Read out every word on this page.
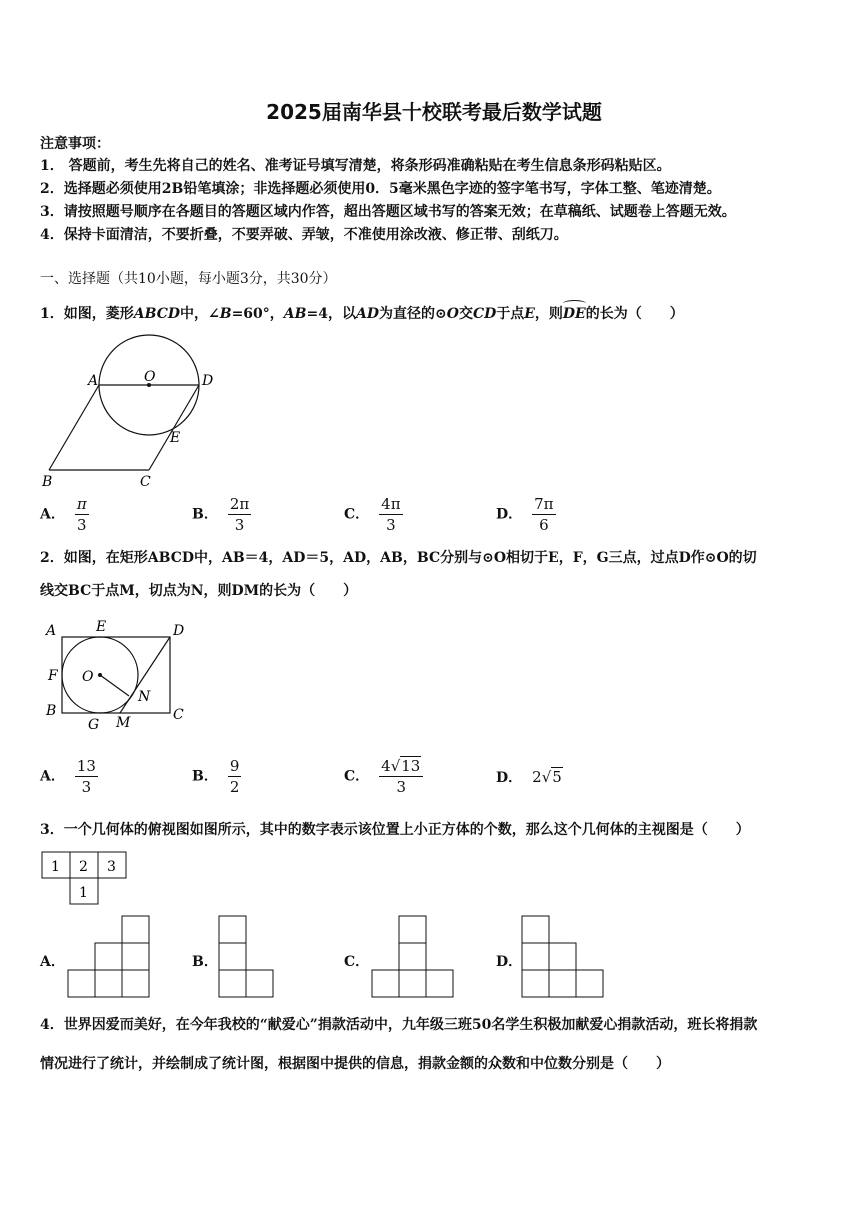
2025届南华县十校联考最后数学试题
注意事项：
1． 答题前，考生先将自己的姓名、准考证号填写清楚，将条形码准确粘贴在考生信息条形码粘贴区。
2．选择题必须使用2B铅笔填涂；非选择题必须使用0．5毫米黑色字迹的签字笔书写，字体工整、笔迹清楚。
3．请按照题号顺序在各题目的答题区域内作答，超出答题区域书写的答案无效；在草稿纸、试题卷上答题无效。
4．保持卡面清洁，不要折叠，不要弄破、弄皱，不准使用涂改液、修正带、刮纸刀。
一、选择题（共10小题，每小题3分，共30分）
1．如图，菱形ABCD中，∠B=60°，AB=4，以AD为直径的⊙O交CD于点E，则
DE的长为（　　）
A	O	D
E
B	C
A． $\frac{\pi}{3}$	B． $\frac{2\pi}{3}$	C． $\frac{4\pi}{3}$	D． $\frac{7\pi}{6}$
2．如图，在矩形ABCD中，AB＝4，AD＝5，AD，AB，BC分别与⊙O相切于E，F，G三点，过点D作⊙O的切
线交BC于点M，切点为N，则DM的长为（　　）
A	E	D
F O
N
B
G M	C
A． $\frac{13}{3}$	B． $\frac{9}{2}$	C． $\frac{4√13}{3}$	D． 2√5
3．一个几何体的俯视图如图所示，其中的数字表示该位置上小正方体的个数，那么这个几何体的主视图是（　　）
1 2 3
1
A．	B．	C．	D．
4．世界因爱而美好，在今年我校的“献爱心”捐款活动中，九年级三班50名学生积极加献爱心捐款活动，班长将捐款
情况进行了统计，并绘制成了统计图，根据图中提供的信息，捐款金额的众数和中位数分别是（　　）
